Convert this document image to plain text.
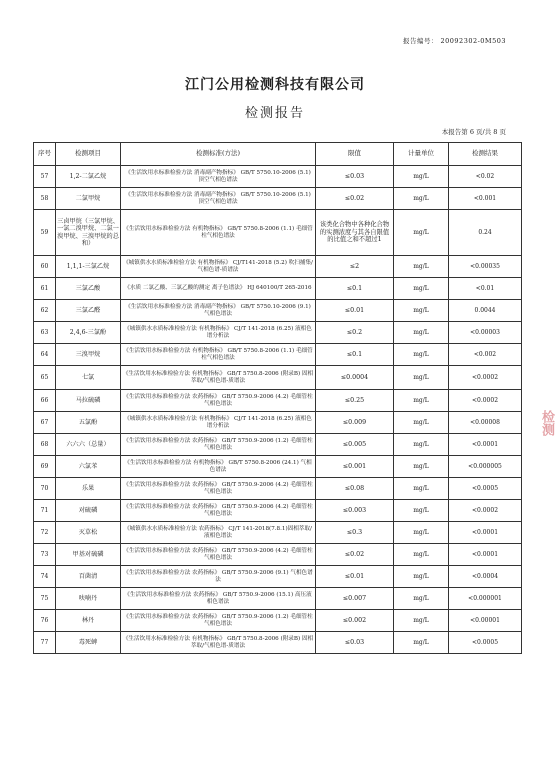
报告编号： 20092302-0M503
江门公用检测科技有限公司
检测报告
本报告第 6 页/共 8 页
序号	检测项目	检测标准(方法)	限值	计量单位	检测结果
57	1,2-二氯乙烷	《生活饮用水标准检验方法 消毒副产物指标》 GB/T 5750.10-2006 (5.1) 顶空气相色谱法	≤0.03	mg/L	<0.02
58	二氯甲烷	《生活饮用水标准检验方法 消毒副产物指标》 GB/T 5750.10-2006 (5.1) 顶空气相色谱法	≤0.02	mg/L	<0.001
59	三卤甲烷（三氯甲烷、一氯二溴甲烷、二氯一溴甲烷、三溴甲烷的总和）	《生活饮用水标准检验方法 有机物指标》 GB/T 5750.8-2006 (1.1) 毛细管柱气相色谱法	该类化合物中各种化合物的实测浓度与其各自限值的比值之和不超过1	mg/L	0.24
60	1,1,1-三氯乙烷	《城镇供水水质标准检验方法 有机物指标》 CJ/T141-2018 (5.2) 吹扫捕集/气相色谱-质谱法	≤2	mg/L	<0.00035
61	三氯乙酸	《水质 二氯乙酸、三氯乙酸的测定 离子色谱法》 HJ 640100/T 265-2016	≤0.1	mg/L	<0.01
62	三氯乙醛	《生活饮用水标准检验方法 消毒副产物指标》 GB/T 5750.10-2006 (9.1) 气相色谱法	≤0.01	mg/L	0.0044
63	2,4,6-三氯酚	《城镇供水水质标准检验方法 有机物指标》 CJ/T 141-2018 (6.25) 液相色谱分析法	≤0.2	mg/L	<0.00003
64	三溴甲烷	《生活饮用水标准检验方法 有机物指标》 GB/T 5750.8-2006 (1.1) 毛细管柱气相色谱法	≤0.1	mg/L	<0.002
65	七氯	《生活饮用水标准检验方法 有机物指标》 GB/T 5750.8-2006 (附录B) 固相萃取/气相色谱-质谱法	≤0.0004	mg/L	<0.0002
66	马拉硫磷	《生活饮用水标准检验方法 农药指标》 GB/T 5750.9-2006 (4.2) 毛细管柱气相色谱法	≤0.25	mg/L	<0.0002
67	五氯酚	《城镇供水水质标准检验方法 有机物指标》 CJ/T 141-2018 (6.25) 液相色谱分析法	≤0.009	mg/L	<0.00008
68	六六六（总量）	《生活饮用水标准检验方法 农药指标》 GB/T 5750.9-2006 (1.2) 毛细管柱气相色谱法	≤0.005	mg/L	<0.0001
69	六氯苯	《生活饮用水标准检验方法 有机物指标》 GB/T 5750.8-2006 (24.1) 气相色谱法	≤0.001	mg/L	<0.000005
70	乐果	《生活饮用水标准检验方法 农药指标》 GB/T 5750.9-2006 (4.2) 毛细管柱气相色谱法	≤0.08	mg/L	<0.0005
71	对硫磷	《生活饮用水标准检验方法 农药指标》 GB/T 5750.9-2006 (4.2) 毛细管柱气相色谱法	≤0.003	mg/L	<0.0002
72	灭草松	《城镇供水水质标准检验方法 农药指标》 CJ/T 141-2018(7.8.1)固相萃取/液相色谱法	≤0.3	mg/L	<0.0001
73	甲基对硫磷	《生活饮用水标准检验方法 农药指标》 GB/T 5750.9-2006 (4.2) 毛细管柱气相色谱法	≤0.02	mg/L	<0.0001
74	百菌清	《生活饮用水标准检验方法 农药指标》 GB/T 5750.9-2006 (9.1) 气相色谱法	≤0.01	mg/L	<0.0004
75	呋喃丹	《生活饮用水标准检验方法 农药指标》 GB/T 5750.9-2006 (15.1) 高压液相色谱法	≤0.007	mg/L	<0.000001
76	林丹	《生活饮用水标准检验方法 农药指标》 GB/T 5750.9-2006 (1.2) 毛细管柱气相色谱法	≤0.002	mg/L	<0.00001
77	毒死蜱	《生活饮用水标准检验方法 有机物指标》 GB/T 5750.8-2006 (附录B) 固相萃取/气相色谱-质谱法	≤0.03	mg/L	<0.0005
检测
